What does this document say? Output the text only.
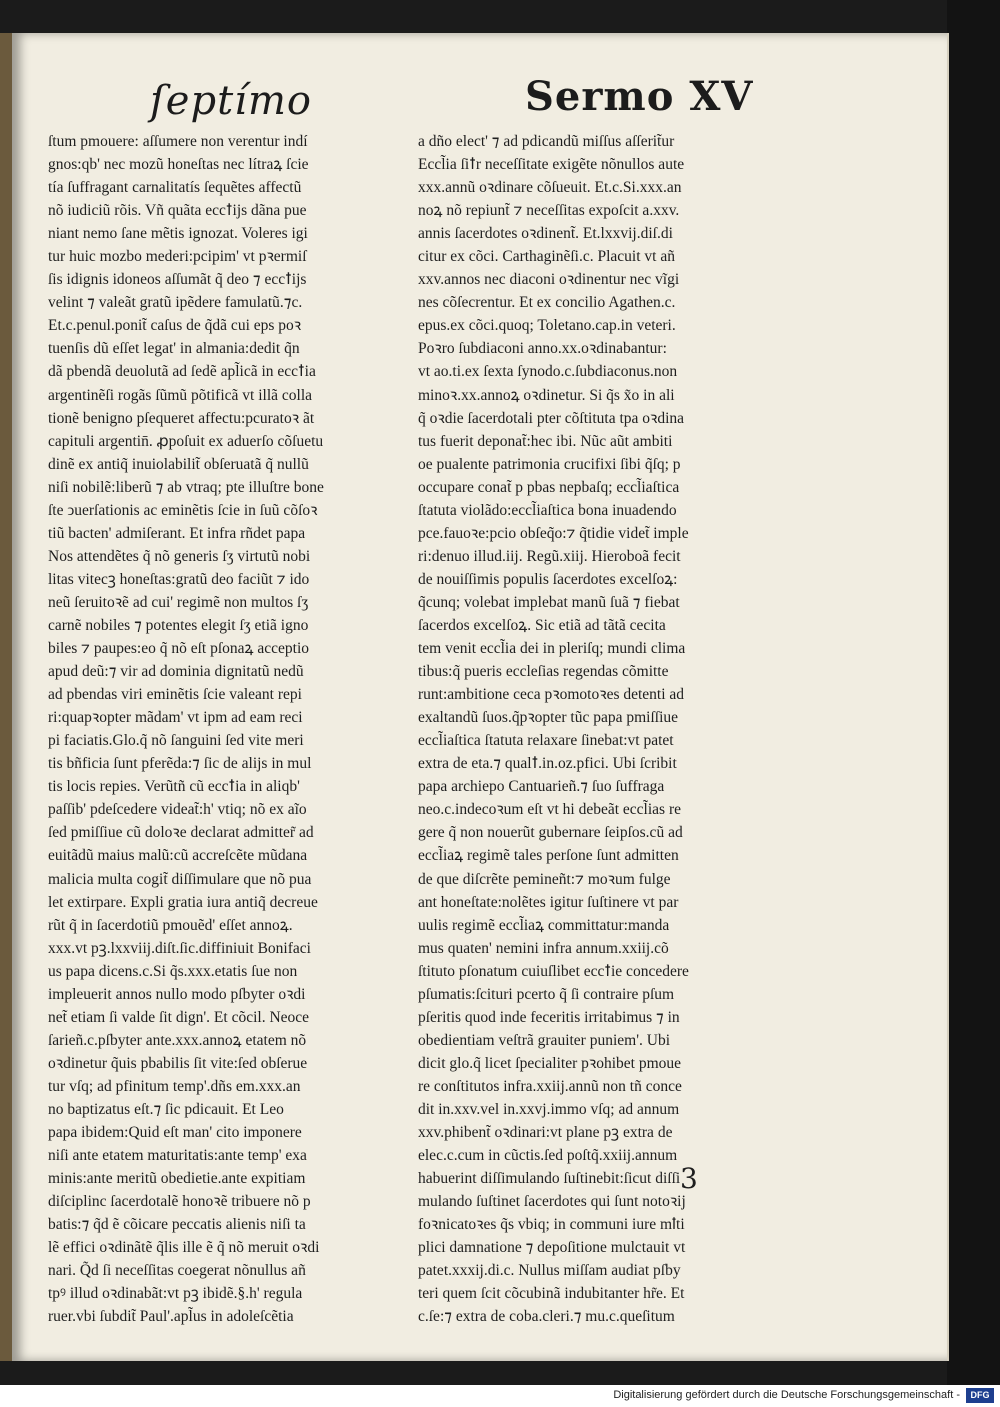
ſeptímo	Sermo XV
ſtum pmouere: aſſumere non verentur indí
gnos:qb' nec mozũ honeſtas nec lítraꝝ ſcie
tía ſuffragant carnalitatís ſequẽtes affectũ
nõ iudiciũ rõis. Vñ quãta eccꝉijs dãna pue
niant nemo ſane mẽtis ignozat. Voleres igi
tur huic mozbo mederi:pcipim' vt pꝛermiſ
ſis idignis idoneos aſſumãt q̃ deo ⁊ eccꝉijs
velint ⁊ valeãt gratũ ipẽdere famulatũ.⁊c.
Et.c.penul.ponit̃ caſus de q̃dã cui eps poꝛ
tuenſis dũ eſſet legat' in almania:dedit q̃n
dã pbendã deuolutã ad ſedẽ apl̃icã in eccꝉia
argentinẽſi rogãs ſũmũ põtificã vt illã colla
tionẽ benigno pſequeret affectu:pcuratoꝛ ãt
capituli argentin̄. ꝓpoſuit ex aduerſo cõſuetu
dinẽ ex antiq̃ inuiolabilit̃ obſeruatã q̃ nullũ
niſi nobilẽ:liberũ ⁊ ab vtraq; pte illuſtre bone
ſte ↄuerſationis ac eminẽtis ſcie in ſuũ cõſoꝛ
tiũ bacten' admiſerant. Et infra rñdet papa
Nos attendẽtes q̃ nõ generis ſʒ virtutũ nobi
litas vitecꝫ honeſtas:gratũ deo faciũt ⁊ ido
neũ ſeruitoꝛẽ ad cui' regimẽ non multos ſʒ
carnẽ nobiles ⁊ potentes elegit ſʒ etiã igno
biles ⁊ paupes:eo q̃ nõ eſt pſonaꝝ acceptio
apud deũ:⁊ vir ad dominia dignitatũ nedũ
ad pbendas viri eminẽtis ſcie valeant repi
ri:quapꝛopter mãdam' vt ipm ad eam reci
pi faciatis.Glo.q̃ nõ ſanguini ſed vite meri
tis bñficia ſunt pferẽda:⁊ ſic de alijs in mul
tis locis repies. Verũtñ cũ eccꝉia in aliqb'
paſſib' pdeſcedere videat̃:h' vtiq; nõ ex aĩo
ſed pmiſſiue cũ doloꝛe declarat admitter̃ ad
euitãdũ maius malũ:cũ accreſcẽte mũdana
malicia multa cogit̃ diſſimulare que nõ pua
let extirpare. Expli gratia iura antiq̃ decreue
rũt q̃ in ſacerdotiũ pmouẽd' eſſet annoꝝ.
xxx.vt pꝫ.lxxviij.diſt.ſic.diffiniuit Bonifaci
us papa dicens.c.Si q̃s.xxx.etatis ſue non
impleuerit annos nullo modo pſbyter oꝛdi
net̃ etiam ſi valde ſit dign'. Et cõcil. Neoce
ſarieñ.c.pſbyter ante.xxx.annoꝝ etatem nõ
oꝛdinetur q̃uis pbabilis ſit vite:ſed obſerue
tur vſq; ad pfinitum temp'.dñs em.xxx.an
no baptizatus eſt.⁊ ſic pdicauit. Et Leo
papa ibidem:Quid eſt man' cito imponere
niſi ante etatem maturitatis:ante temp' exa
minis:ante meritũ obedietie.ante expitiam
diſciplinc ſacerdotalẽ honoꝛẽ tribuere nõ p
batis:⁊ q̃d ẽ cõicare peccatis alienis niſi ta
lẽ effici oꝛdinãtẽ q̃lis ille ẽ q̃ nõ meruit oꝛdi
nari. Q̃d ſi neceſſitas coegerat nõnullus añ
tpꝰ illud oꝛdinabãt:vt pꝫ ibidẽ.§.h' regula
ruer.vbi ſubdit̃ Paul'.apl̃us in adoleſcẽtia
a dño elect' ⁊ ad pdicandũ miſſus aſſerit̃ur
Eccl̃ia ſiꝉr neceſſitate exigẽte nõnullos aute
xxx.annũ oꝛdinare cõſueuit. Et.c.Si.xxx.an
noꝝ nõ repiunt̃ ⁊ neceſſitas expoſcit a.xxv.
annis ſacerdotes oꝛdinent̃. Et.lxxvij.diſ.di
citur ex cõci. Carthaginẽſi.c. Placuit vt añ
xxv.annos nec diaconi oꝛdinentur nec vĩgi
nes cõſecrentur. Et ex concilio Agathen.c.
epus.ex cõci.quoq; Toletano.cap.in veteri.
Poꝛro ſubdiaconi anno.xx.oꝛdinabantur:
vt ao.ti.ex ſexta ſynodo.c.ſubdiaconus.non
minoꝛ.xx.annoꝝ oꝛdinetur. Si q̃s x̃o in ali
q̃ oꝛdie ſacerdotali pter cõſtituta tpa oꝛdina
tus fuerit deponat̃:hec ibi. Nũc aũt ambiti
oe pualente patrimonia crucifixi ſibi q̃ſq; p
occupare conat̃ p pbas nepbaſq; eccl̃iaſtica
ſtatuta violãdo:eccl̃iaſtica bona inuadendo
pce.fauoꝛe:pcio obſeq̃o:⁊ q̃tidie videt̃ imple
ri:denuo illud.iij. Regũ.xiij. Hieroboã fecit
de nouiſſimis populis ſacerdotes excelſoꝝ:
q̃cunq; volebat implebat manũ ſuã ⁊ fiebat
ſacerdos excelſoꝝ. Sic etiã ad tãtã cecita
tem venit eccl̃ia dei in pleriſq; mundi clima
tibus:q̃ pueris eccleſias regendas cõmitte
runt:ambitione ceca pꝛomotoꝛes detenti ad
exaltandũ ſuos.q̃pꝛopter tũc papa pmiſſiue
eccl̃iaſtica ſtatuta relaxare ſinebat:vt patet
extra de eta.⁊ qualꝉ.in.oz.pfici. Ubi ſcribit
papa archiepo Cantuarieñ.⁊ ſuo ſuffraga
neo.c.indecoꝛum eſt vt hi debeãt eccl̃ias re
gere q̃ non nouerũt gubernare ſeipſos.cũ ad
eccl̃iaꝝ regimẽ tales perſone ſunt admitten
de que diſcrẽte pemineñt:⁊ moꝛum fulge
ant honeſtate:nolẽtes igitur ſuſtinere vt par
uulis regimẽ eccl̃iaꝝ committatur:manda
mus quaten' nemini infra annum.xxiij.cõ
ſtituto pſonatum cuiuſlibet eccꝉie concedere
pſumatis:ſcituri pcerto q̃ ſi contraire pſum
pſeritis quod inde feceritis irritabimus ⁊ in
obedientiam veſtrã grauiter puniem'. Ubi
dicit glo.q̃ licet ſpecialiter pꝛohibet pmoue
re conſtitutos infra.xxiij.annũ non tñ conce
dit in.xxv.vel in.xxvj.immo vſq; ad annum
xxv.phibent̃ oꝛdinari:vt plane pꝫ extra de
elec.c.cum in cũctis.ſed poſtq̃.xxiij.annum
habuerint diſſimulando ſuſtinebit:ſicut diſſi
mulando ſuſtinet ſacerdotes qui ſunt notoꝛij
foꝛnicatoꝛes q̃s vbiq; in communi iure mꝉti
plici damnatione ⁊ depoſitione mulctauit vt
patet.xxxij.di.c. Nullus miſſam audiat pſby
teri quem ſcit cõcubinã indubitanter hr̃e. Et
c.ſe:⁊ extra de coba.cleri.⁊ mu.c.queſitum
3
Digitalisierung gefördert durch die Deutsche Forschungsgemeinschaft -	DFG
